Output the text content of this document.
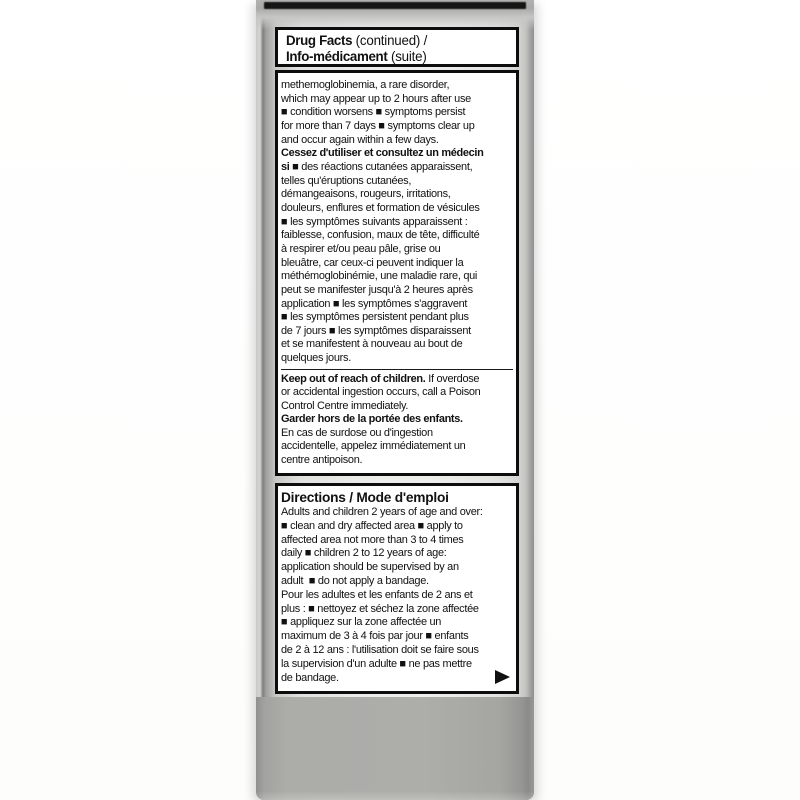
Drug Facts (continued) /
Info-médicament (suite)
methemoglobinemia, a rare disorder,
which may appear up to 2 hours after use
■ condition worsens ■ symptoms persist
for more than 7 days ■ symptoms clear up
and occur again within a few days.
Cessez d'utiliser et consultez un médecin
si ■ des réactions cutanées apparaissent,
telles qu'éruptions cutanées,
démangeaisons, rougeurs, irritations,
douleurs, enflures et formation de vésicules
■ les symptômes suivants apparaissent :
faiblesse, confusion, maux de tête, difficulté
à respirer et/ou peau pâle, grise ou
bleuâtre, car ceux-ci peuvent indiquer la
méthémoglobinémie, une maladie rare, qui
peut se manifester jusqu'à 2 heures après
application ■ les symptômes s'aggravent
■ les symptômes persistent pendant plus
de 7 jours ■ les symptômes disparaissent
et se manifestent à nouveau au bout de
quelques jours.
Keep out of reach of children. If overdose
or accidental ingestion occurs, call a Poison
Control Centre immediately.
Garder hors de la portée des enfants.
En cas de surdose ou d'ingestion
accidentelle, appelez immédiatement un
centre antipoison.
Directions / Mode d'emploi
Adults and children 2 years of age and over:
■ clean and dry affected area ■ apply to
affected area not more than 3 to 4 times
daily ■ children 2 to 12 years of age:
application should be supervised by an
adult  ■ do not apply a bandage.
Pour les adultes et les enfants de 2 ans et
plus : ■ nettoyez et séchez la zone affectée
■ appliquez sur la zone affectée un
maximum de 3 à 4 fois par jour ■ enfants
de 2 à 12 ans : l'utilisation doit se faire sous
la supervision d'un adulte ■ ne pas mettre
de bandage.
